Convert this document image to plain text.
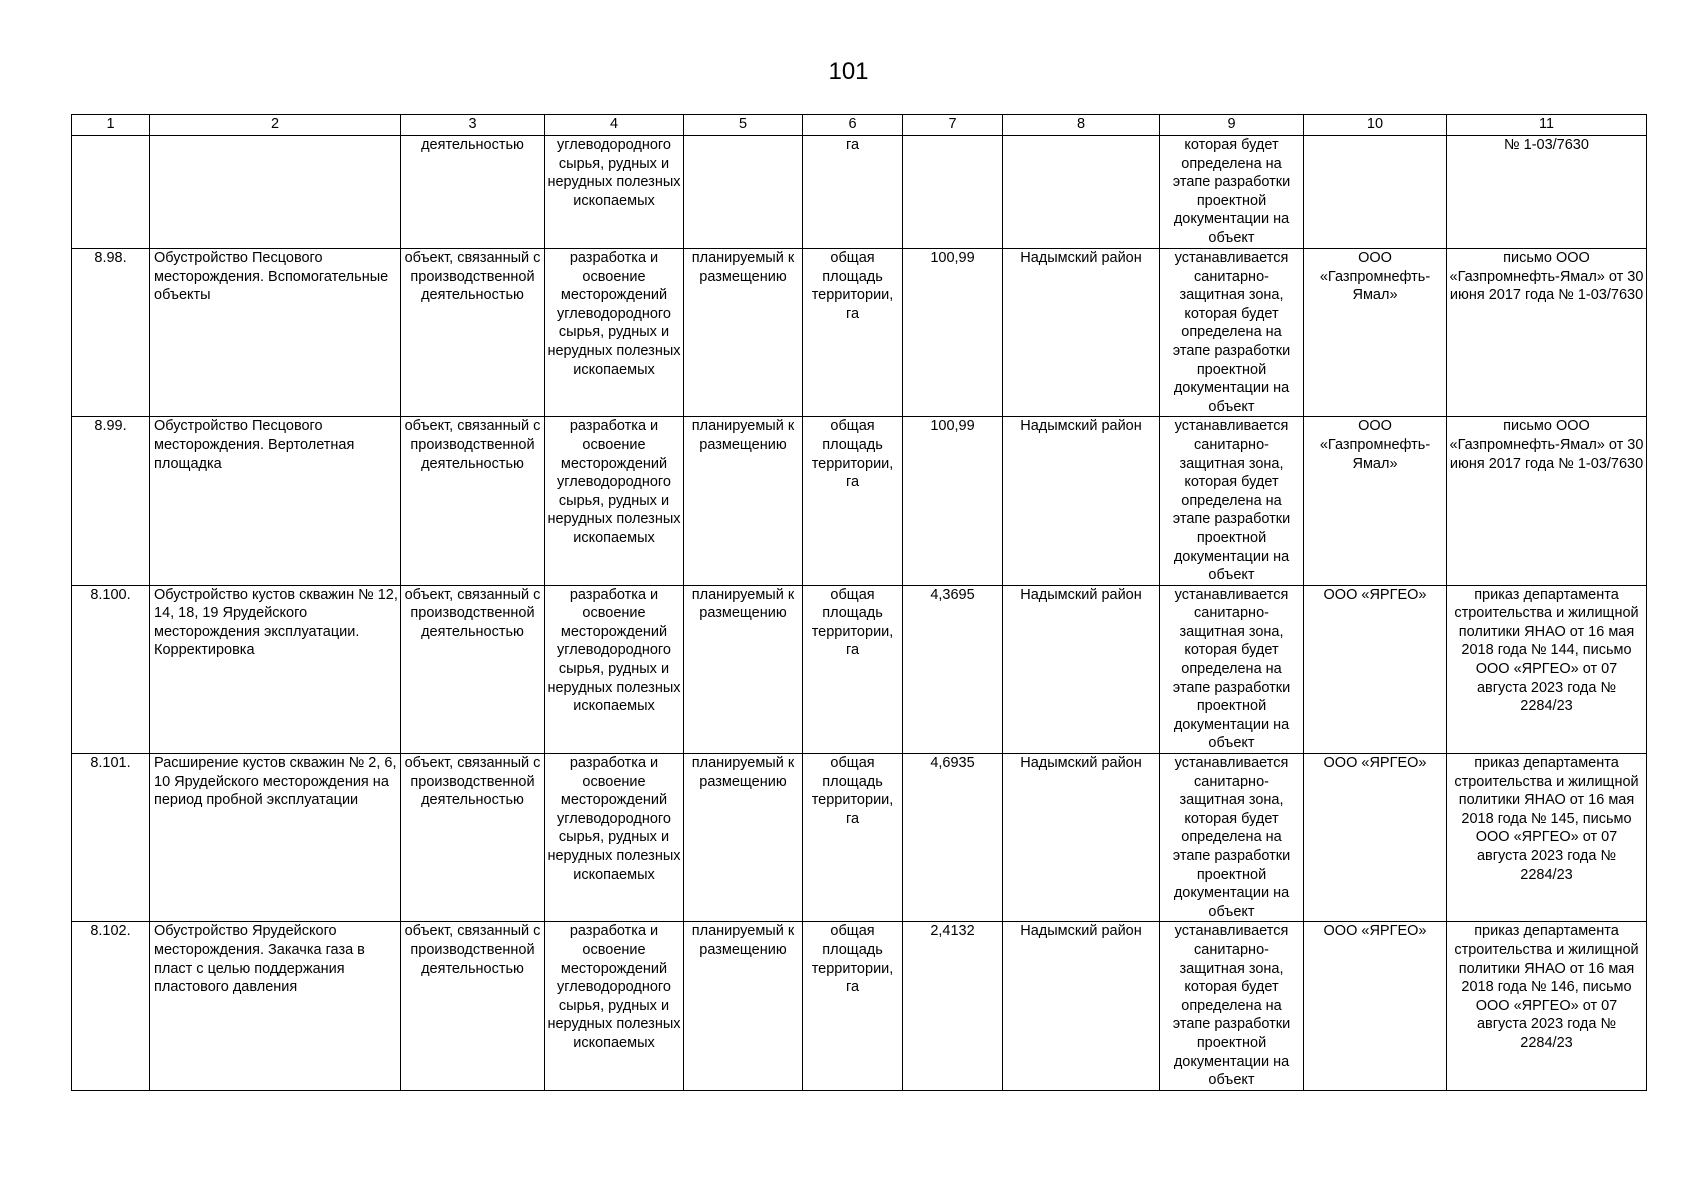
101
1	2	3	4	5	6	7	8	9	10	11
		деятельностью	углеводородного сырья, рудных и нерудных полезных ископаемых		га			которая будет определена на этапе разработки проектной документации на объект		№ 1-03/7630
8.98.	Обустройство Песцового месторождения. Вспомогательные объекты	объект, связанный с производственной деятельностью	разработка и освоение месторождений углеводородного сырья, рудных и нерудных полезных ископаемых	планируемый к размещению	общая площадь территории, га	100,99	Надымский район	устанавливается санитарно-защитная зона, которая будет определена на этапе разработки проектной документации на объект	ООО «Газпромнефть-Ямал»	письмо ООО «Газпромнефть-Ямал» от 30 июня 2017 года № 1-03/7630
8.99.	Обустройство Песцового месторождения. Вертолетная площадка	объект, связанный с производственной деятельностью	разработка и освоение месторождений углеводородного сырья, рудных и нерудных полезных ископаемых	планируемый к размещению	общая площадь территории, га	100,99	Надымский район	устанавливается санитарно-защитная зона, которая будет определена на этапе разработки проектной документации на объект	ООО «Газпромнефть-Ямал»	письмо ООО «Газпромнефть-Ямал» от 30 июня 2017 года № 1-03/7630
8.100.	Обустройство кустов скважин № 12, 14, 18, 19 Ярудейского месторождения эксплуатации. Корректировка	объект, связанный с производственной деятельностью	разработка и освоение месторождений углеводородного сырья, рудных и нерудных полезных ископаемых	планируемый к размещению	общая площадь территории, га	4,3695	Надымский район	устанавливается санитарно-защитная зона, которая будет определена на этапе разработки проектной документации на объект	ООО «ЯРГЕО»	приказ департамента строительства и жилищной политики ЯНАО от 16 мая 2018 года № 144, письмо ООО «ЯРГЕО» от 07 августа 2023 года № 2284/23
8.101.	Расширение кустов скважин № 2, 6, 10 Ярудейского месторождения на период пробной эксплуатации	объект, связанный с производственной деятельностью	разработка и освоение месторождений углеводородного сырья, рудных и нерудных полезных ископаемых	планируемый к размещению	общая площадь территории, га	4,6935	Надымский район	устанавливается санитарно-защитная зона, которая будет определена на этапе разработки проектной документации на объект	ООО «ЯРГЕО»	приказ департамента строительства и жилищной политики ЯНАО от 16 мая 2018 года № 145, письмо ООО «ЯРГЕО» от 07 августа 2023 года № 2284/23
8.102.	Обустройство Ярудейского месторождения. Закачка газа в пласт с целью поддержания пластового давления	объект, связанный с производственной деятельностью	разработка и освоение месторождений углеводородного сырья, рудных и нерудных полезных ископаемых	планируемый к размещению	общая площадь территории, га	2,4132	Надымский район	устанавливается санитарно-защитная зона, которая будет определена на этапе разработки проектной документации на объект	ООО «ЯРГЕО»	приказ департамента строительства и жилищной политики ЯНАО от 16 мая 2018 года № 146, письмо ООО «ЯРГЕО» от 07 августа 2023 года № 2284/23
